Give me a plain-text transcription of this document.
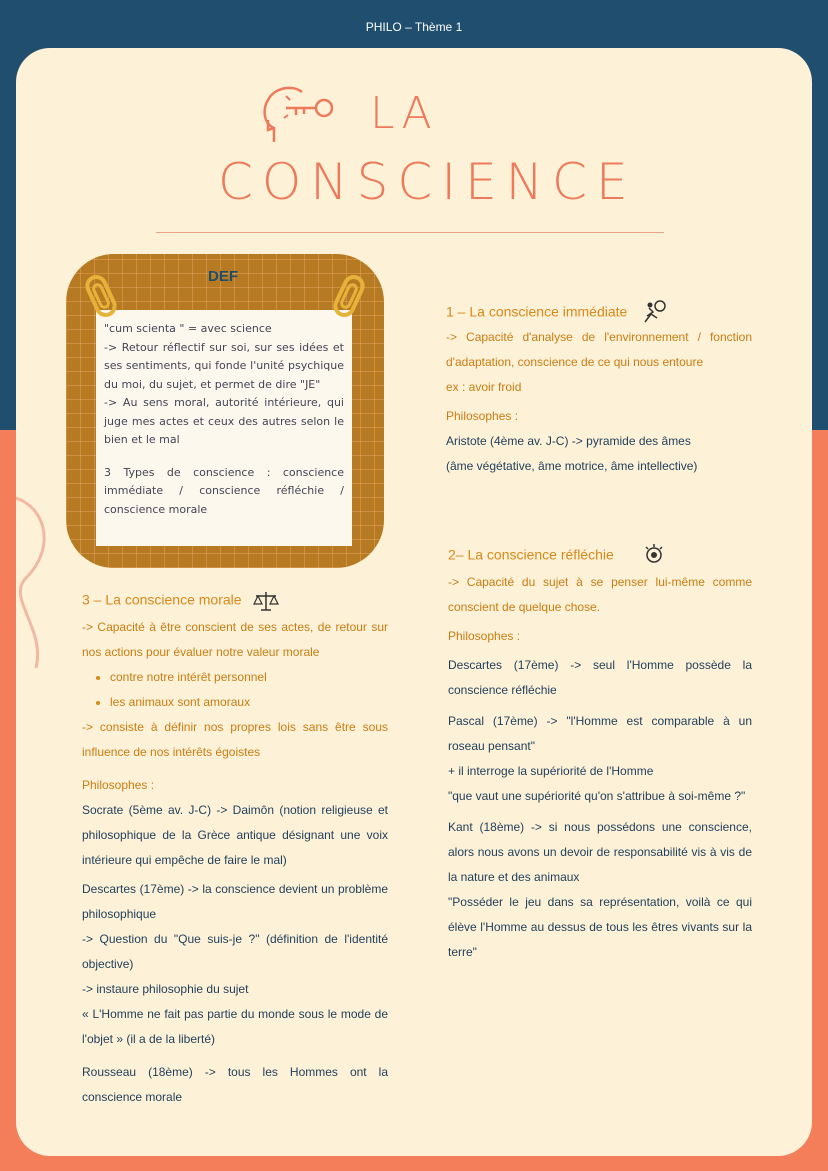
PHILO – Thème 1
LA
CONSCIENCE
DEF

"cum scienta " = avec science

-> Retour réflectif sur soi, sur ses idées et ses sentiments, qui fonde l'unité psychique du moi, du sujet, et permet de dire "JE"

-> Au sens moral, autorité intérieure, qui juge mes actes et ceux des autres selon le bien et le mal

3 Types de conscience : conscience immédiate / conscience réfléchie / conscience morale

1 – La conscience immédiate

-> Capacité d'analyse de l'environnement / fonction d'adaptation, conscience de ce qui nous entoure

ex : avoir froid

Philosophes :

Aristote (4ème av. J-C) -> pyramide des âmes

(âme végétative, âme motrice, âme intellective)

2– La conscience réfléchie

-> Capacité du sujet à se penser lui-même comme conscient de quelque chose.

Philosophes :

Descartes (17ème) -> seul l'Homme possède la conscience réfléchie

Pascal (17ème) -> "l'Homme est comparable à un roseau pensant"

+ il interroge la supériorité de l'Homme

"que vaut une supériorité qu'on s'attribue à soi-même ?"

Kant (18ème) -> si nous possédons une conscience, alors nous avons un devoir de responsabilité vis à vis de la nature et des animaux

"Posséder le jeu dans sa représentation, voilà ce qui élève l'Homme au dessus de tous les êtres vivants sur la terre"

3 – La conscience morale

-> Capacité à être conscient de ses actes, de retour sur nos actions pour évaluer notre valeur morale

• contre notre intérêt personnel
• les animaux sont amoraux

-> consiste à définir nos propres lois sans être sous influence de nos intérêts égoistes

Philosophes :

Socrate (5ème av. J-C) -> Daimôn (notion religieuse et philosophique de la Grèce antique désignant une voix intérieure qui empêche de faire le mal)

Descartes (17ème) -> la conscience devient un problème philosophique

-> Question du "Que suis-je ?" (définition de l'identité objective)

-> instaure philosophie du sujet

« L'Homme ne fait pas partie du monde sous le mode de l'objet » (il a de la liberté)

Rousseau (18ème) -> tous les Hommes ont la conscience morale
